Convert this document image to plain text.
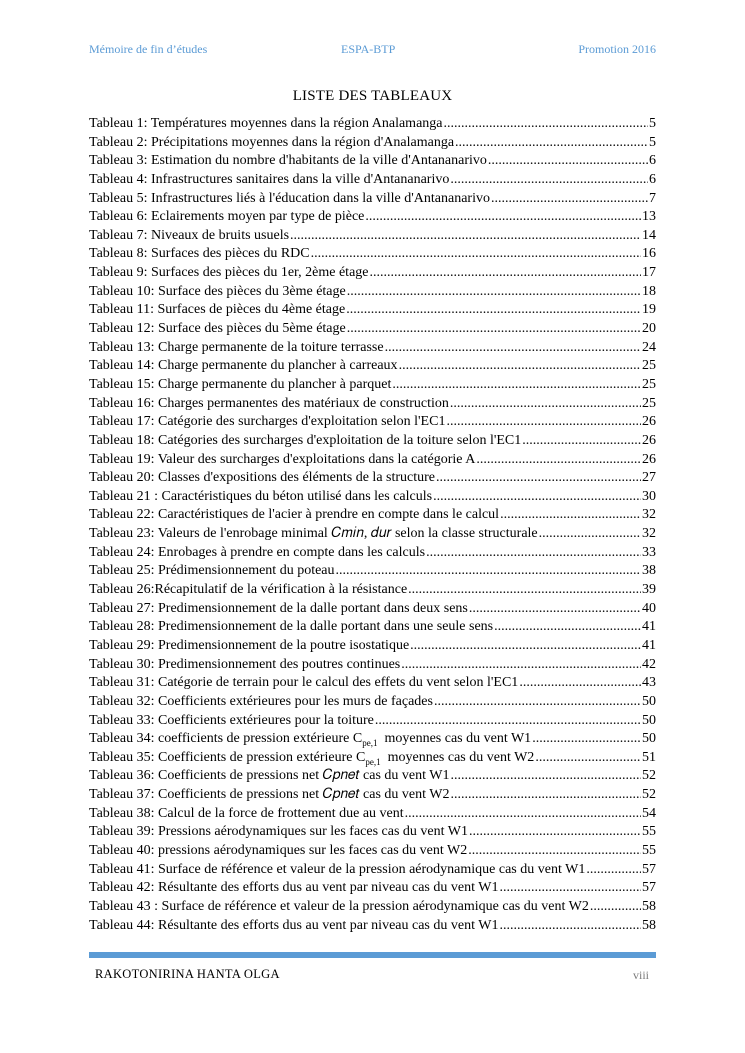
Mémoire de fin d’études	ESPA-BTP	Promotion 2016
LISTE DES TABLEAUX
Tableau 1: Températures moyennes dans la région Analamanga .....	5
Tableau 2: Précipitations moyennes dans la région d'Analamanga .....	5
Tableau 3: Estimation du nombre d'habitants de la ville d'Antananarivo .....	6
Tableau 4: Infrastructures sanitaires dans la ville d'Antananarivo .....	6
Tableau 5: Infrastructures liés à l'éducation dans la ville d'Antananarivo .....	7
Tableau 6: Eclairements moyen par type de pièce .....	13
Tableau 7: Niveaux de bruits usuels .....	14
Tableau 8: Surfaces des pièces du RDC .....	16
Tableau 9: Surfaces des pièces du 1er, 2ème étage .....	17
Tableau 10: Surface des pièces du 3ème étage .....	18
Tableau 11: Surfaces de pièces du 4ème étage .....	19
Tableau 12: Surface des pièces du 5ème étage .....	20
Tableau 13: Charge permanente de la toiture terrasse .....	24
Tableau 14: Charge permanente du plancher à carreaux .....	25
Tableau 15: Charge permanente du plancher à parquet .....	25
Tableau 16: Charges permanentes des matériaux de construction .....	25
Tableau 17: Catégorie des surcharges d'exploitation selon l'EC1 .....	26
Tableau 18: Catégories des surcharges d'exploitation de la toiture selon l'EC1 .....	26
Tableau 19: Valeur des surcharges d'exploitations dans la catégorie A .....	26
Tableau 20: Classes d'expositions des éléments de la structure .....	27
Tableau 21 : Caractéristiques du béton utilisé dans les calculs .....	30
Tableau 22: Caractéristiques de l'acier à prendre en compte dans le calcul .....	32
Tableau 23: Valeurs de l'enrobage minimal 𝐶𝑚𝑖𝑛, 𝑑𝑢𝑟 selon la classe structurale .....	32
Tableau 24: Enrobages à prendre en compte dans les calculs .....	33
Tableau 25: Prédimensionnement du poteau .....	38
Tableau 26:Récapitulatif de la vérification à la résistance .....	39
Tableau 27: Predimensionnement de la dalle portant dans deux sens .....	40
Tableau 28: Predimensionnement de la dalle portant dans une seule sens .....	41
Tableau 29: Predimensionnement de la poutre isostatique .....	41
Tableau 30: Predimensionnement des poutres continues .....	42
Tableau 31: Catégorie de terrain pour le calcul des effets du vent selon l'EC1 .....	43
Tableau 32: Coefficients extérieures pour les murs de façades .....	50
Tableau 33: Coefficients extérieures pour la toiture .....	50
Tableau 34: coefficients de pression extérieure $C_{pe,1}$  moyennes cas du vent W1 .....	50
Tableau 35: Coefficients de pression extérieure $C_{pe,1}$  moyennes cas du vent W2 .....	51
Tableau 36: Coefficients de pressions net 𝐶𝑝𝑛𝑒𝑡 cas du vent W1 .....	52
Tableau 37: Coefficients de pressions net 𝐶𝑝𝑛𝑒𝑡 cas du vent W2 .....	52
Tableau 38: Calcul de la force de frottement due au vent .....	54
Tableau 39: Pressions aérodynamiques sur les faces cas du vent W1 .....	55
Tableau 40: pressions aérodynamiques sur les faces cas du vent W2 .....	55
Tableau 41: Surface de référence et valeur de la pression aérodynamique cas du vent W1 .....	57
Tableau 42: Résultante des efforts dus au vent par niveau cas du vent W1 .....	57
Tableau 43 : Surface de référence et valeur de la pression aérodynamique cas du vent W2 .....	58
Tableau 44: Résultante des efforts dus au vent par niveau cas du vent W1 .....	58
RAKOTONIRINA HANTA OLGA	viii
